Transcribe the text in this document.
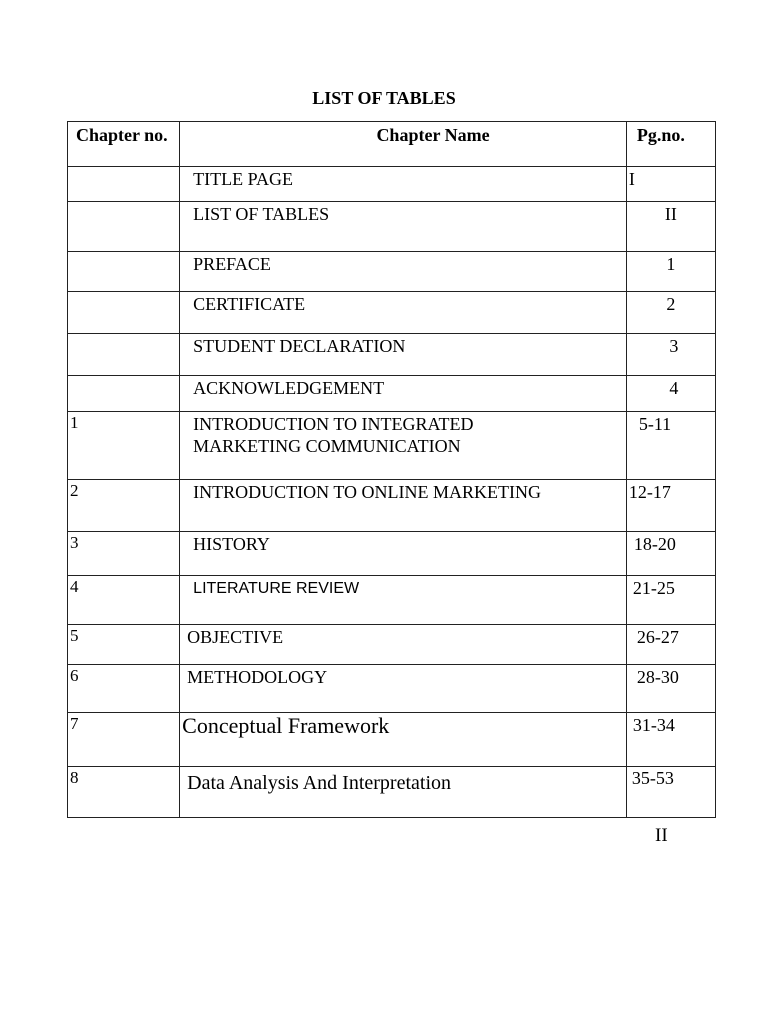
LIST OF TABLES
Chapter no.	Chapter Name	Pg.no.
	TITLE PAGE	I
	LIST OF TABLES	II
	PREFACE	1
	CERTIFICATE	2
	STUDENT DECLARATION	3
	ACKNOWLEDGEMENT	4
1	INTRODUCTION TO INTEGRATED MARKETING COMMUNICATION	5-11
2	INTRODUCTION TO ONLINE MARKETING	12-17
3	HISTORY	18-20
4	LITERATURE REVIEW	21-25
5	OBJECTIVE	26-27
6	METHODOLOGY	28-30
7	Conceptual Framework	31-34
8	Data Analysis And Interpretation	35-53
II
